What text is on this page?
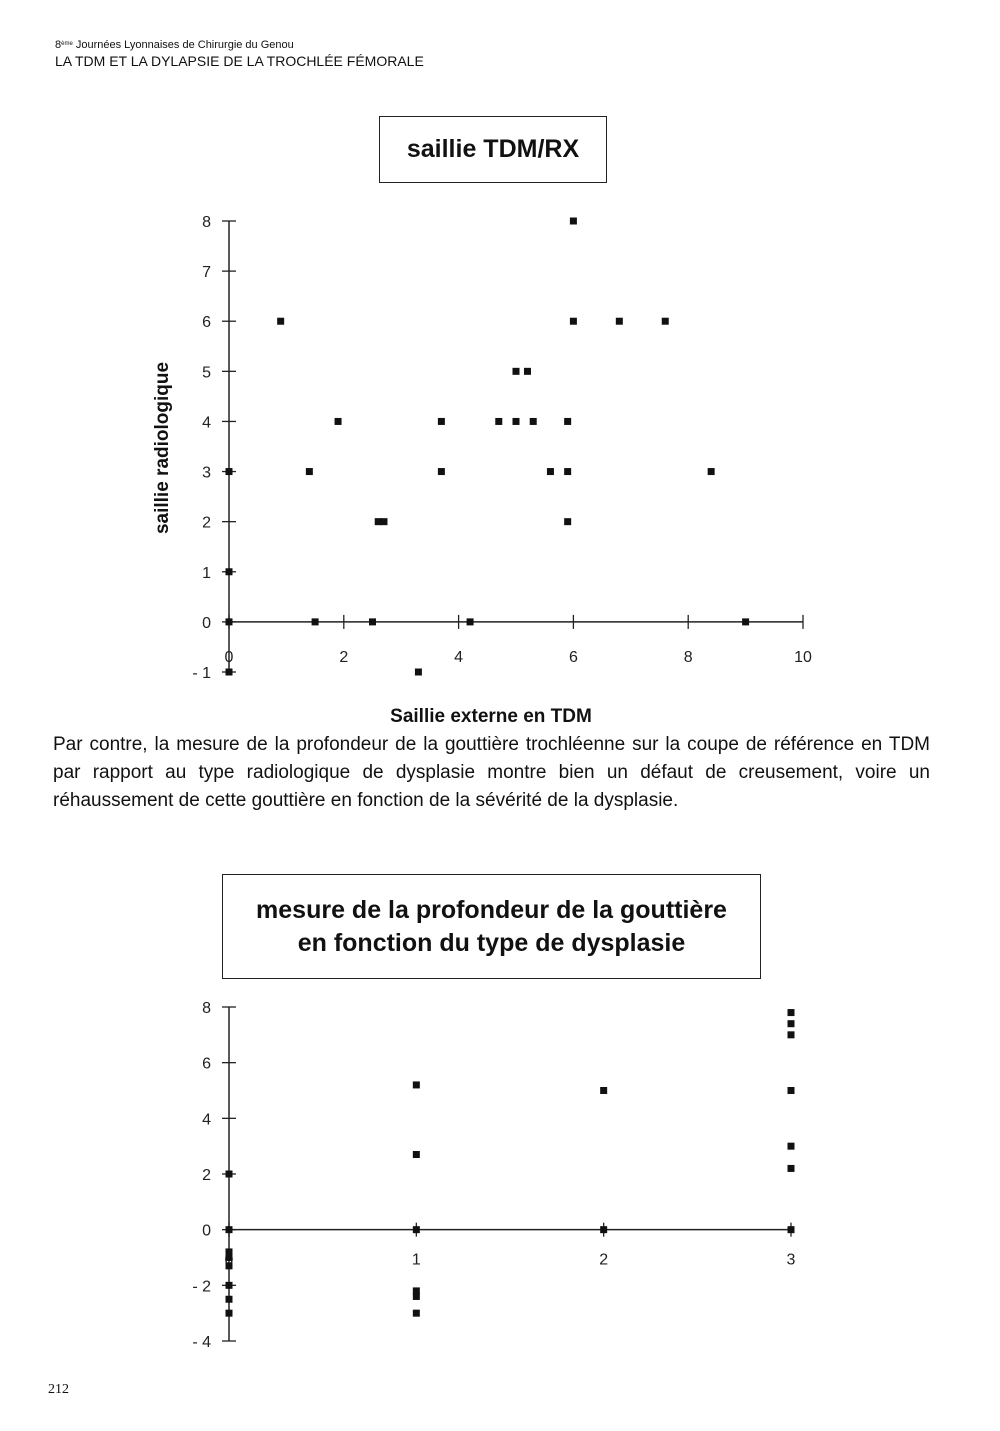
8ème Journées Lyonnaises de Chirurgie du Genou
LA TDM ET LA DYLAPSIE DE LA TROCHLÉE FÉMORALE
saillie TDM/RX
- 1
0
1
2
3
4
5
6
7
8
0	2	4	6	8	10
Saillie externe en TDM
saillie radiologique

Par contre, la mesure de la profondeur de la gouttière trochléenne sur la coupe de référence en TDM par rapport au type radiologique de dysplasie montre bien un défaut de creusement, voire un réhaussement de cette gouttière en fonction de la sévérité de la dysplasie.

mesure de la profondeur de la gouttière
en fonction du type de dysplasie
- 4
- 2
0
2
4
6
8
1	2	3
212
